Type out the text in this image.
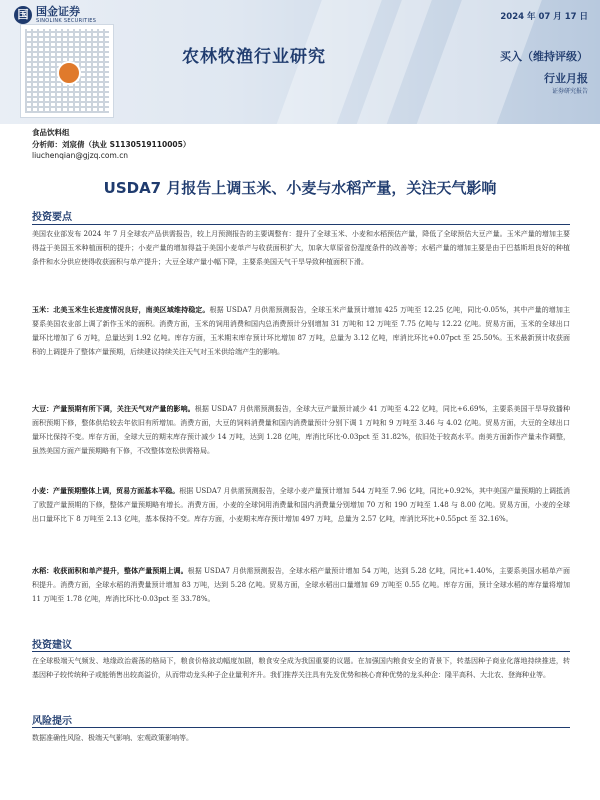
国 国金证券
SINOLINK SECURITIES	2024 年 07 月 17 日
农林牧渔行业研究	买入（维持评级）
行业月报
证券研究报告
食品饮料组
分析师：刘宸倩（执业 S1130519110005）
liuchenqian@gjzq.com.cn
USDA7 月报告上调玉米、小麦与水稻产量，关注天气影响
投资要点
美国农业部发布 2024 年 7 月全球农产品供需报告，较上月预测报告的主要调整有：提升了全球玉米、小麦和水稻预估产量，降低了全球预估大豆产量。玉米产量的增加主要得益于美国玉米种植面积的提升；小麦产量的增加得益于美国小麦单产与收获面积扩大，加拿大草原省份湿度条件的改善等；水稻产量的增加主要是由于巴基斯坦良好的种植条件和水分供应使得收获面积与单产提升；大豆全球产量小幅下降，主要系美国天气干旱导致种植面积下滑。
玉米：北美玉米生长进度情况良好，南美区域维持稳定。根据 USDA7 月供需预测报告，全球玉米产量预计增加 425 万吨至 12.25 亿吨，同比-0.05%，其中产量的增加主要系美国农业部上调了新作玉米的面积。消费方面，玉米的饲用消费和国内总消费预计分别增加 31 万吨和 12 万吨至 7.75 亿吨与 12.22 亿吨。贸易方面，玉米的全球出口量环比增加了 6 万吨，总量达到 1.92 亿吨。库存方面，玉米期末库存预计环比增加 87 万吨，总量为 3.12 亿吨，库消比环比+0.07pct 至 25.50%。玉米最新预计收获面积的上调提升了整体产量预期，后续建议持续关注天气对玉米供给端产生的影响。
大豆：产量预期有所下调，关注天气对产量的影响。根据 USDA7 月供需预测报告，全球大豆产量预计减少 41 万吨至 4.22 亿吨，同比+6.69%，主要系美国干旱导致播种面积预期下修，整体供给较去年依旧有所增加。消费方面，大豆的饲料消费量和国内消费量预计分别下调 1 万吨和 9 万吨至 3.46 与 4.02 亿吨。贸易方面，大豆的全球出口量环比保持不变。库存方面，全球大豆的期末库存预计减少 14 万吨，达到 1.28 亿吨，库消比环比-0.03pct 至 31.82%，依旧处于较高水平。南美方面新作产量未作调整，虽然美国方面产量预期略有下修，不改整体宽松供需格局。
小麦：产量预期整体上调，贸易方面基本平稳。根据 USDA7 月供需预测报告，全球小麦产量预计增加 544 万吨至 7.96 亿吨，同比+0.92%，其中美国产量预期的上调抵消了欧盟产量预期的下修，整体产量预期略有增长。消费方面，小麦的全球饲用消费量和国内消费量分别增加 70 万和 190 万吨至 1.48 与 8.00 亿吨。贸易方面，小麦的全球出口量环比下 8 万吨至 2.13 亿吨，基本保持不变。库存方面，小麦期末库存预计增加 497 万吨，总量为 2.57 亿吨，库消比环比+0.55pct 至 32.16%。
水稻：收获面积和单产提升，整体产量预期上调。根据 USDA7 月供需预测报告，全球水稻产量预计增加 54 万吨，达到 5.28 亿吨，同比+1.40%，主要系美国水稻单产面积提升。消费方面，全球水稻的消费量预计增加 83 万吨，达到 5.28 亿吨。贸易方面，全球水稻出口量增加 69 万吨至 0.55 亿吨。库存方面，预计全球水稻的库存量将增加 11 万吨至 1.78 亿吨，库消比环比-0.03pct 至 33.78%。
投资建议
在全球极端天气频发、地缘政治震荡的格局下，粮食价格波动幅度加剧，粮食安全成为我国重要的议题。在加强国内粮食安全的背景下，转基因种子商业化落地持续推进，转基因种子较传统种子或能销售出较高溢价，从而带动龙头种子企业量利齐升。我们推荐关注具有先发优势和核心育种优势的龙头种企：隆平高科、大北农、登海种业等。
风险提示
数据准确性风险、极端天气影响、宏观政策影响等。
